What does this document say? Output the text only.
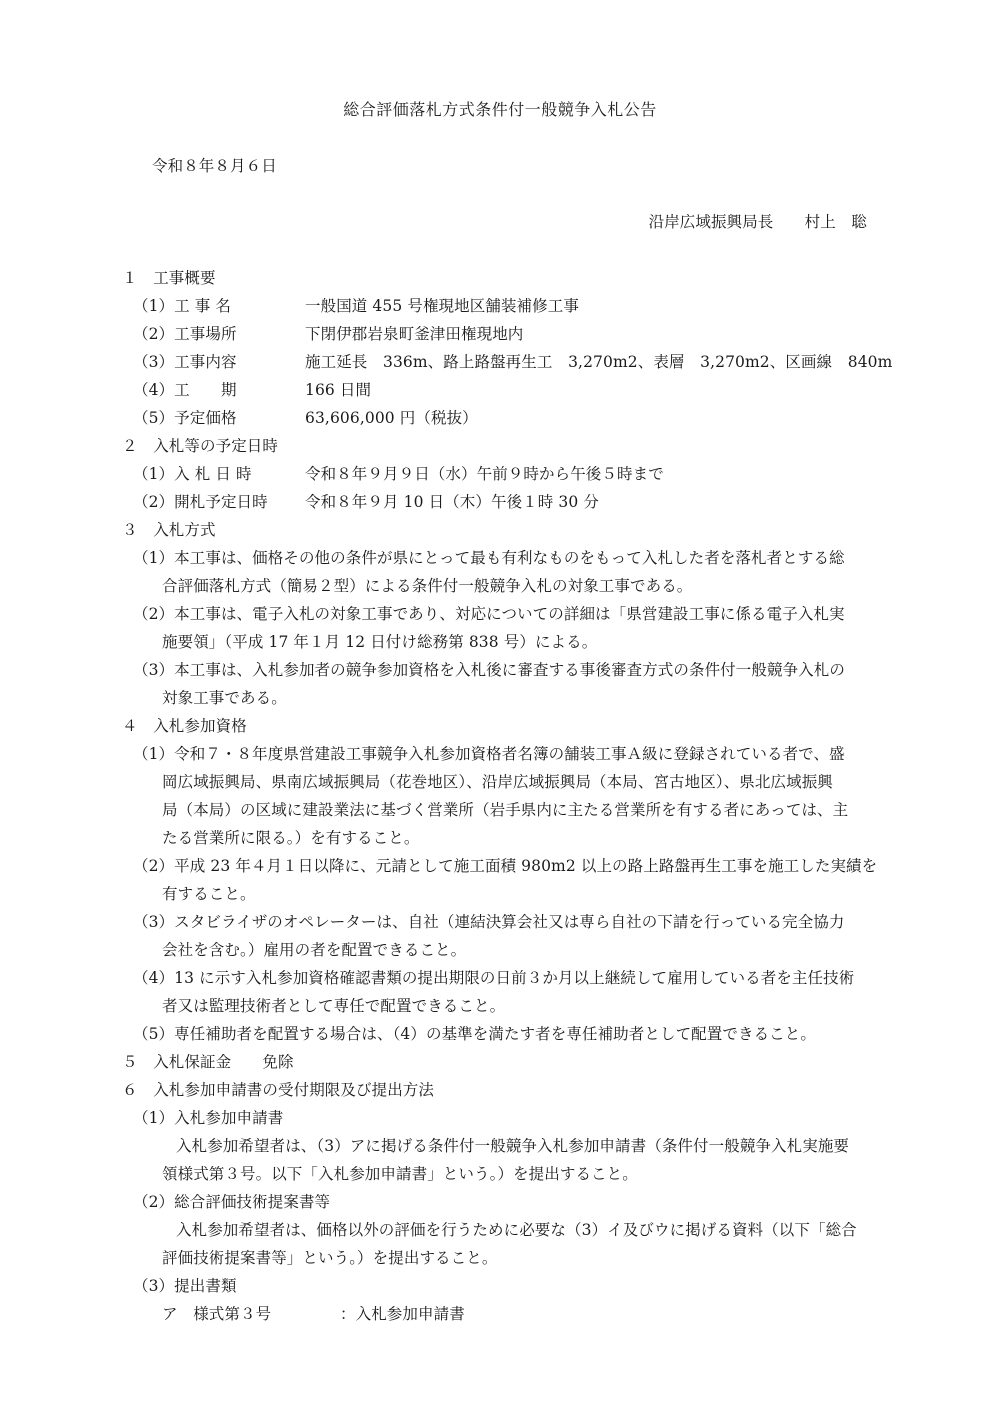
総合評価落札方式条件付一般競争入札公告
令和８年８月６日
沿岸広域振興局長　　村上　聡
１　工事概要
（1）工 事 名	一般国道 455 号権現地区舗装補修工事
（2）工事場所	下閉伊郡岩泉町釜津田権現地内
（3）工事内容	施工延長　336m、路上路盤再生工　3,270m2、表層　3,270m2、区画線　840m
（4）工　　期	166 日間
（5）予定価格	63,606,000 円（税抜）
２　入札等の予定日時
（1）入 札 日 時	令和８年９月９日（水）午前９時から午後５時まで
（2）開札予定日時 令和８年９月 10 日（木）午後１時 30 分
３　入札方式
（1）本工事は、価格その他の条件が県にとって最も有利なものをもって入札した者を落札者とする総
合評価落札方式（簡易２型）による条件付一般競争入札の対象工事である。
（2）本工事は、電子入札の対象工事であり、対応についての詳細は「県営建設工事に係る電子入札実
施要領」（平成 17 年１月 12 日付け総務第 838 号）による。
（3）本工事は、入札参加者の競争参加資格を入札後に審査する事後審査方式の条件付一般競争入札の
対象工事である。
４　入札参加資格
（1）令和７・８年度県営建設工事競争入札参加資格者名簿の舗装工事Ａ級に登録されている者で、盛
岡広域振興局、県南広域振興局（花巻地区）、沿岸広域振興局（本局、宮古地区）、県北広域振興
局（本局）の区域に建設業法に基づく営業所（岩手県内に主たる営業所を有する者にあっては、主
たる営業所に限る。）を有すること。
（2）平成 23 年４月１日以降に、元請として施工面積 980m2 以上の路上路盤再生工事を施工した実績を
有すること。
（3）スタビライザのオペレーターは、自社（連結決算会社又は専ら自社の下請を行っている完全協力
会社を含む。）雇用の者を配置できること。
（4）13 に示す入札参加資格確認書類の提出期限の日前３か月以上継続して雇用している者を主任技術
者又は監理技術者として専任で配置できること。
（5）専任補助者を配置する場合は、（4）の基準を満たす者を専任補助者として配置できること。
５　入札保証金　　免除
６　入札参加申請書の受付期限及び提出方法
（1）入札参加申請書
入札参加希望者は、（3）アに掲げる条件付一般競争入札参加申請書（条件付一般競争入札実施要
領様式第３号。以下「入札参加申請書」という。）を提出すること。
（2）総合評価技術提案書等
入札参加希望者は、価格以外の評価を行うために必要な（3）イ及びウに掲げる資料（以下「総合
評価技術提案書等」という。）を提出すること。
（3）提出書類
ア　様式第３号	：入札参加申請書
